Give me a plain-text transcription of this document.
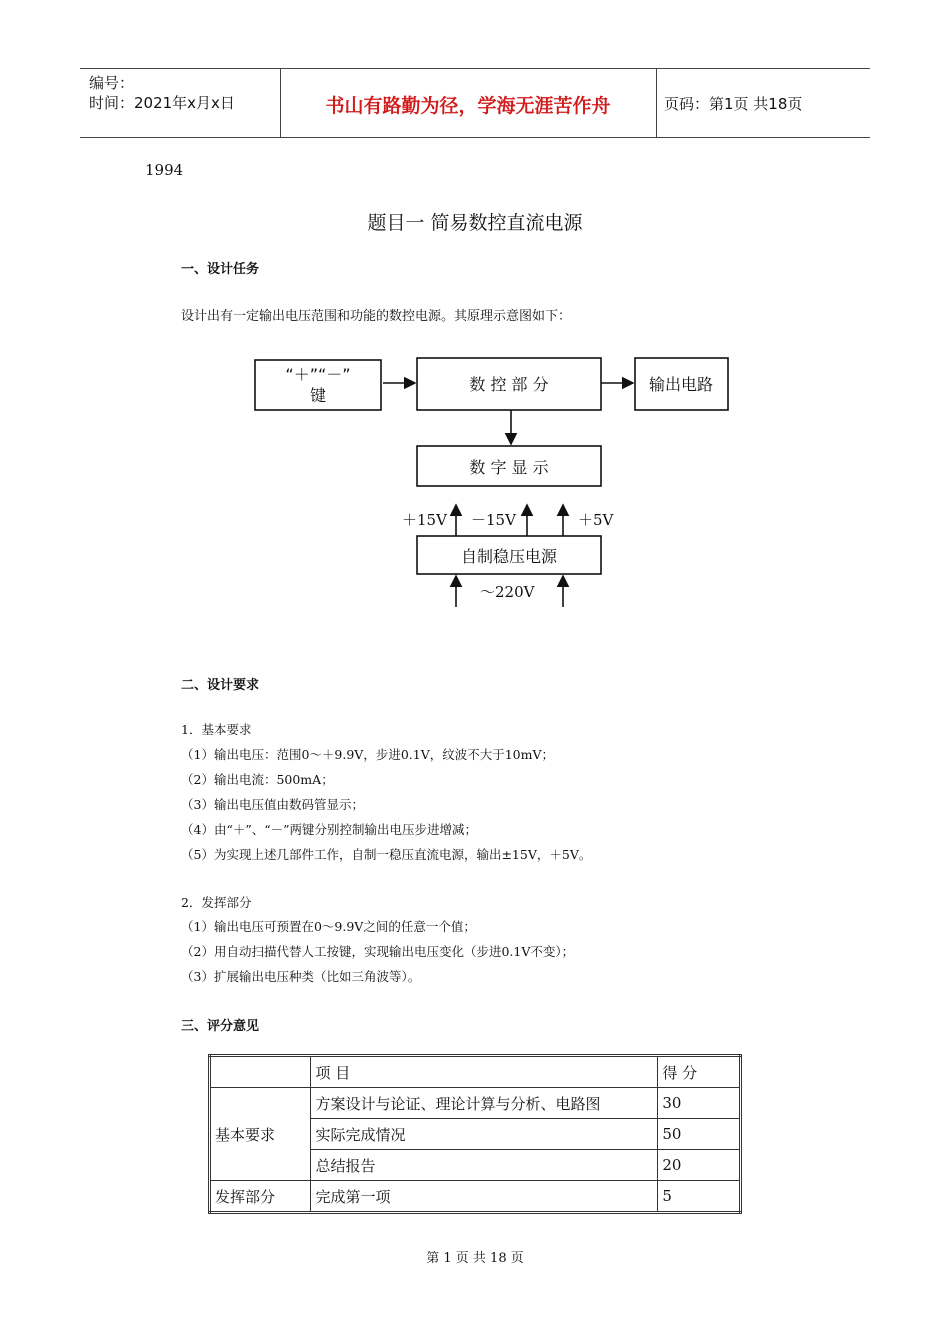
编号：
时间：2021年x月x日	书山有路勤为径，学海无涯苦作舟	页码：第1页 共18页
1994
题目一 简易数控直流电源
一、设计任务
设计出有一定输出电压范围和功能的数控电源。其原理示意图如下：
“＋”“－”
键
数 控 部 分	输出电路
数 字 显 示
自制稳压电源
＋15V －15V	＋5V
～220V
二、设计要求
1．基本要求
（1）输出电压：范围0～＋9.9V，步进0.1V，纹波不大于10mV；
（2）输出电流：500mA；
（3）输出电压值由数码管显示；
（4）由“＋”、“－”两键分别控制输出电压步进增减；
（5）为实现上述几部件工作，自制一稳压直流电源，输出±15V，＋5V。
2．发挥部分
（1）输出电压可预置在0～9.9V之间的任意一个值；
（2）用自动扫描代替人工按键，实现输出电压变化（步进0.1V不变）；
（3）扩展输出电压种类（比如三角波等）。
三、评分意见
	项 目	得 分
基本要求	方案设计与论证、理论计算与分析、电路图	30
	实际完成情况	50
	总结报告	20
发挥部分	完成第一项	5
第 1 页 共 18 页
